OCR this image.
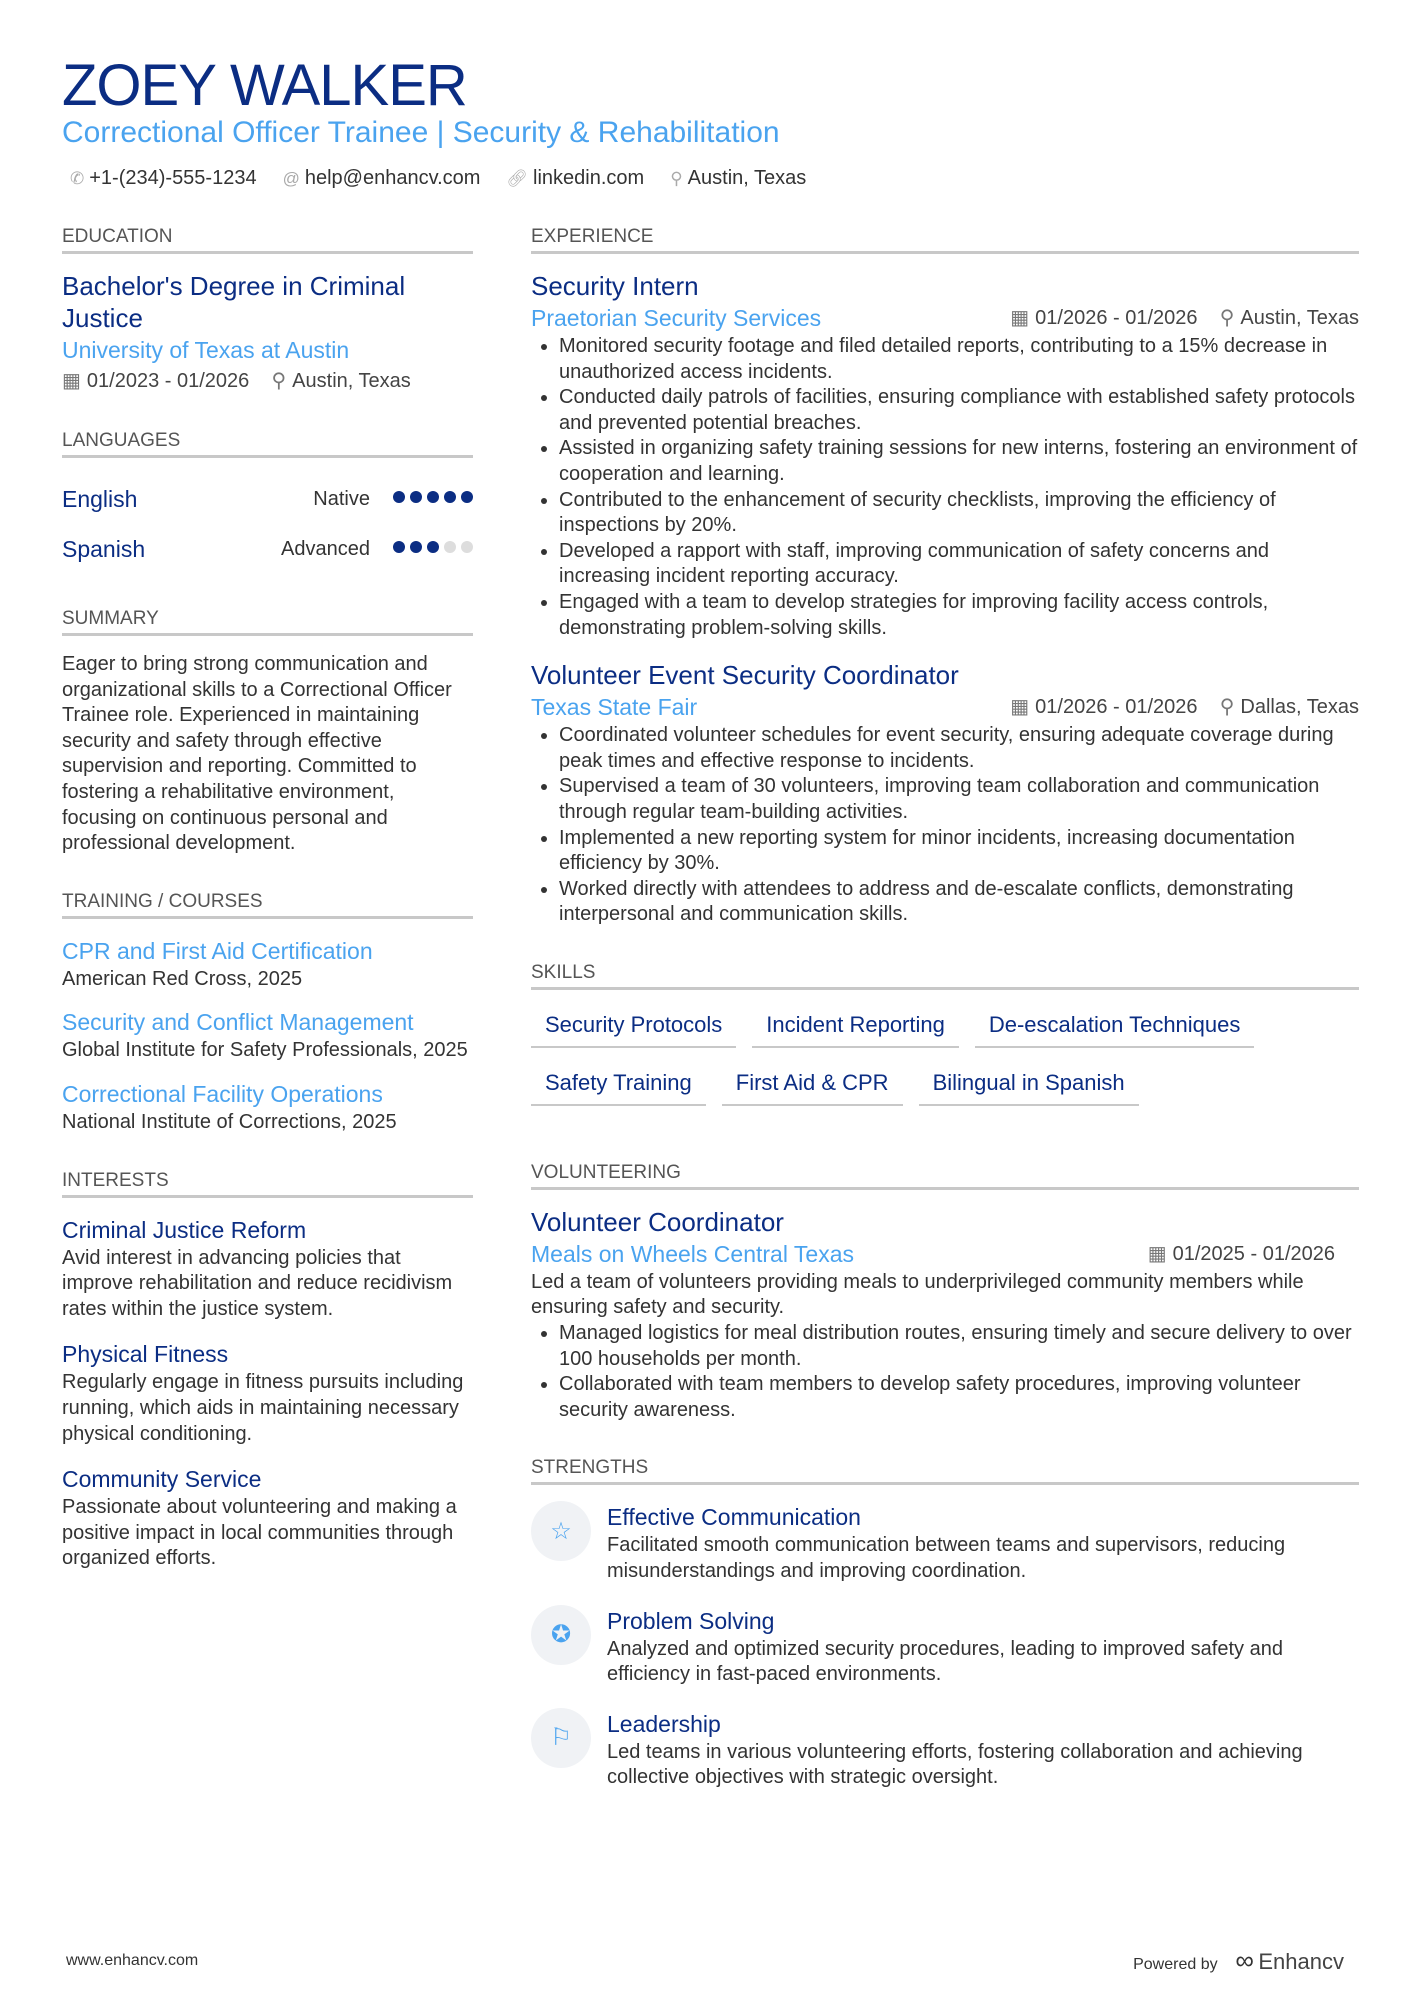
ZOEY WALKER
Correctional Officer Trainee | Security & Rehabilitation
✆ +1-(234)-555-1234 @ help@enhancv.com 🔗︎ linkedin.com ⚲ Austin, Texas
EDUCATION
Bachelor's Degree in Criminal Justice
University of Texas at Austin
▦ 01/2023 - 01/2026 ⚲ Austin, Texas
LANGUAGES
English	Native
Spanish	Advanced
SUMMARY

Eager to bring strong communication and organizational skills to a Correctional Officer Trainee role. Experienced in maintaining security and safety through effective supervision and reporting. Committed to fostering a rehabilitative environment, focusing on continuous personal and professional development.

TRAINING / COURSES
CPR and First Aid Certification

American Red Cross, 2025

Security and Conflict Management

Global Institute for Safety Professionals, 2025

Correctional Facility Operations

National Institute of Corrections, 2025

INTERESTS
Criminal Justice Reform

Avid interest in advancing policies that improve rehabilitation and reduce recidivism rates within the justice system.

Physical Fitness

Regularly engage in fitness pursuits including running, which aids in maintaining necessary physical conditioning.

Community Service

Passionate about volunteering and making a positive impact in local communities through organized efforts.

EXPERIENCE
Security Intern
Praetorian Security Services	▦ 01/2026 - 01/2026 ⚲ Austin, Texas
• Monitored security footage and filed detailed reports, contributing to a 15% decrease in unauthorized access incidents.
• Conducted daily patrols of facilities, ensuring compliance with established safety protocols and prevented potential breaches.
• Assisted in organizing safety training sessions for new interns, fostering an environment of cooperation and learning.
• Contributed to the enhancement of security checklists, improving the efficiency of inspections by 20%.
• Developed a rapport with staff, improving communication of safety concerns and increasing incident reporting accuracy.
• Engaged with a team to develop strategies for improving facility access controls, demonstrating problem-solving skills.
Volunteer Event Security Coordinator
Texas State Fair	▦ 01/2026 - 01/2026 ⚲ Dallas, Texas
• Coordinated volunteer schedules for event security, ensuring adequate coverage during peak times and effective response to incidents.
• Supervised a team of 30 volunteers, improving team collaboration and communication through regular team-building activities.
• Implemented a new reporting system for minor incidents, increasing documentation efficiency by 30%.
• Worked directly with attendees to address and de-escalate conflicts, demonstrating interpersonal and communication skills.
SKILLS
Security Protocols	Incident Reporting	De-escalation Techniques
Safety Training	First Aid & CPR	Bilingual in Spanish
VOLUNTEERING
Volunteer Coordinator
Meals on Wheels Central Texas	▦ 01/2025 - 01/2026

Led a team of volunteers providing meals to underprivileged community members while ensuring safety and security.

• Managed logistics for meal distribution routes, ensuring timely and secure delivery to over 100 households per month.
• Collaborated with team members to develop safety procedures, improving volunteer security awareness.
STRENGTHS
☆
Effective Communication

Facilitated smooth communication between teams and supervisors, reducing misunderstandings and improving coordination.

✪
Problem Solving

Analyzed and optimized security procedures, leading to improved safety and efficiency in fast-paced environments.

⚐
Leadership

Led teams in various volunteering efforts, fostering collaboration and achieving collective objectives with strategic oversight.

www.enhancv.com	Powered by ∞ Enhancv
